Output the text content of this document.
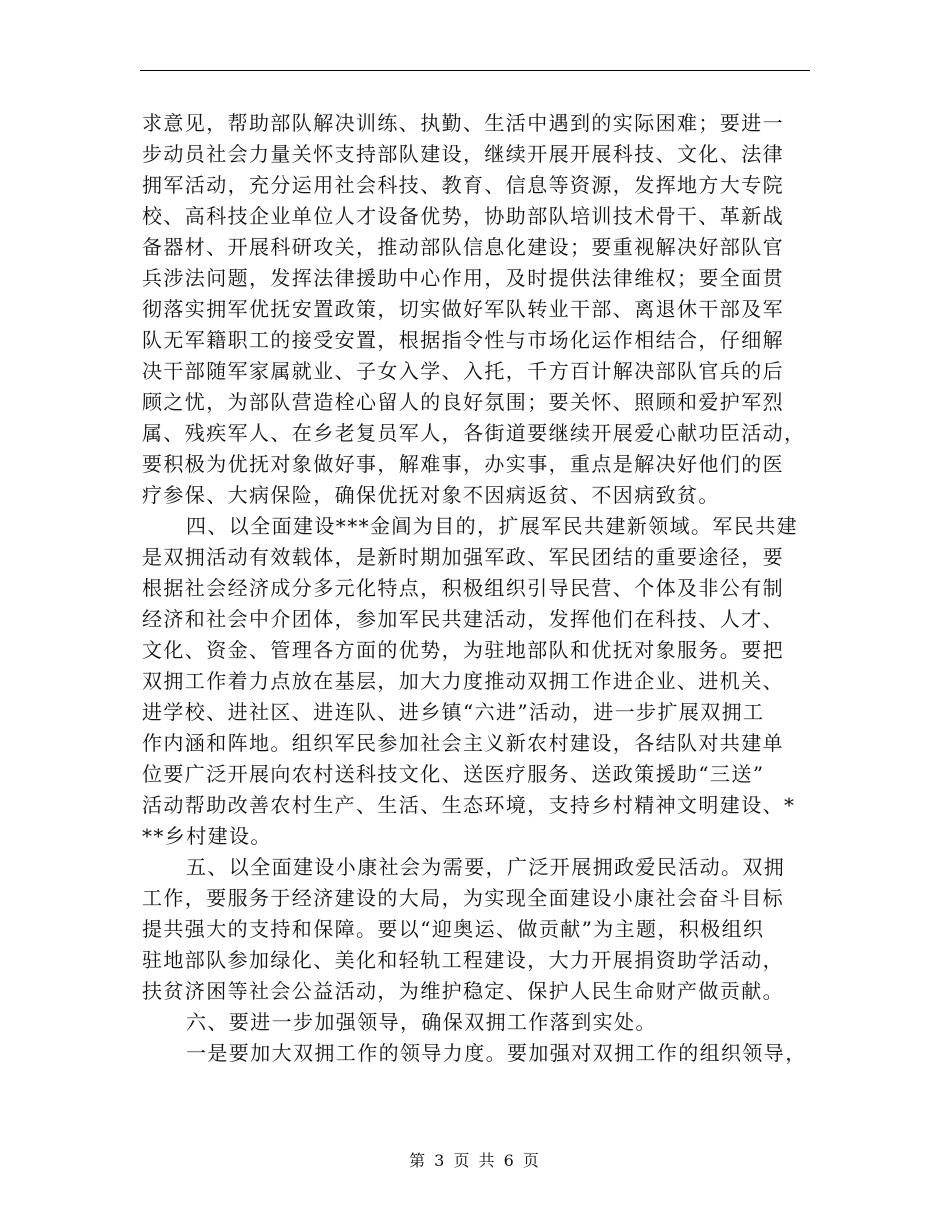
求意见，帮助部队解决训练、执勤、生活中遇到的实际困难；要进一
步动员社会力量关怀支持部队建设，继续开展开展科技、文化、法律
拥军活动，充分运用社会科技、教育、信息等资源，发挥地方大专院
校、高科技企业单位人才设备优势，协助部队培训技术骨干、革新战
备器材、开展科研攻关，推动部队信息化建设；要重视解决好部队官
兵涉法问题，发挥法律援助中心作用，及时提供法律维权；要全面贯
彻落实拥军优抚安置政策，切实做好军队转业干部、离退休干部及军
队无军籍职工的接受安置，根据指令性与市场化运作相结合，仔细解
决干部随军家属就业、子女入学、入托，千方百计解决部队官兵的后
顾之忧，为部队营造栓心留人的良好氛围；要关怀、照顾和爱护军烈
属、残疾军人、在乡老复员军人，各街道要继续开展爱心献功臣活动，
要积极为优抚对象做好事，解难事，办实事，重点是解决好他们的医
疗参保、大病保险，确保优抚对象不因病返贫、不因病致贫。
四、以全面建设***金阊为目的，扩展军民共建新领域。军民共建
是双拥活动有效载体，是新时期加强军政、军民团结的重要途径，要
根据社会经济成分多元化特点，积极组织引导民营、个体及非公有制
经济和社会中介团体，参加军民共建活动，发挥他们在科技、人才、
文化、资金、管理各方面的优势，为驻地部队和优抚对象服务。要把
双拥工作着力点放在基层，加大力度推动双拥工作进企业、进机关、
进学校、进社区、进连队、进乡镇“六进”活动，进一步扩展双拥工
作内涵和阵地。组织军民参加社会主义新农村建设，各结队对共建单
位要广泛开展向农村送科技文化、送医疗服务、送政策援助“三送”
活动帮助改善农村生产、生活、生态环境，支持乡村精神文明建设、*
**乡村建设。
五、以全面建设小康社会为需要，广泛开展拥政爱民活动。双拥
工作，要服务于经济建设的大局，为实现全面建设小康社会奋斗目标
提共强大的支持和保障。要以“迎奥运、做贡献”为主题，积极组织
驻地部队参加绿化、美化和轻轨工程建设，大力开展捐资助学活动，
扶贫济困等社会公益活动，为维护稳定、保护人民生命财产做贡献。
六、要进一步加强领导，确保双拥工作落到实处。
一是要加大双拥工作的领导力度。要加强对双拥工作的组织领导，
第 3 页 共 6 页
